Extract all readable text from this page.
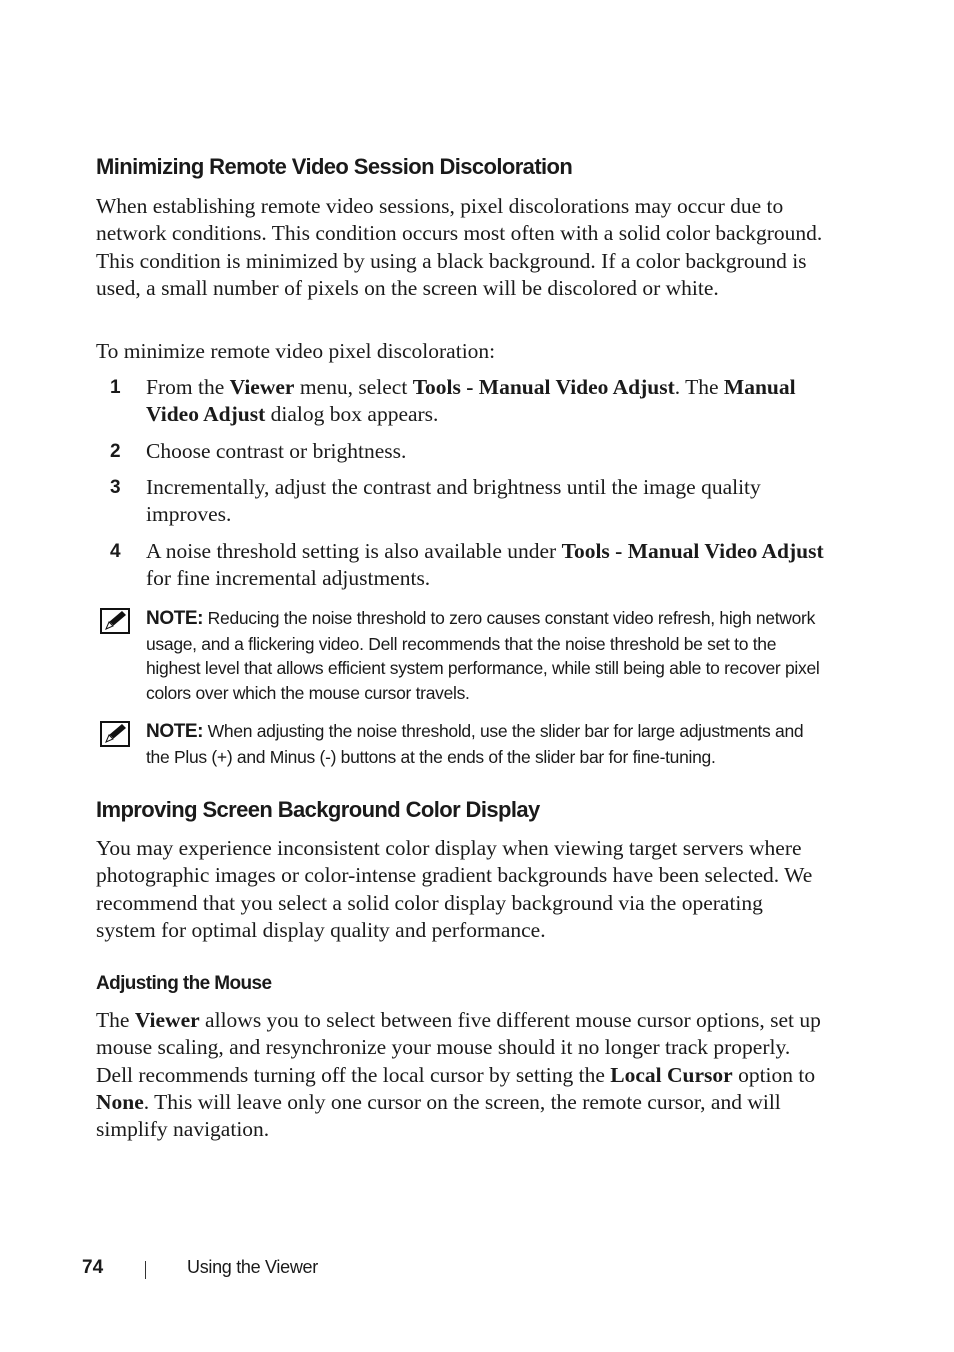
Minimizing Remote Video Session Discoloration

When establishing remote video sessions, pixel discolorations may occur due to network conditions. This condition occurs most often with a solid color background. This condition is minimized by using a black background. If a color background is used, a small number of pixels on the screen will be discolored or white.

To minimize remote video pixel discoloration:

1 From the Viewer menu, select Tools - Manual Video Adjust. The Manual Video Adjust dialog box appears.
2 Choose contrast or brightness.
3 Incrementally, adjust the contrast and brightness until the image quality improves.
4 A noise threshold setting is also available under Tools - Manual Video Adjust for fine incremental adjustments.
NOTE: Reducing the noise threshold to zero causes constant video refresh, high network usage, and a flickering video. Dell recommends that the noise threshold be set to the highest level that allows efficient system performance, while still being able to recover pixel colors over which the mouse cursor travels.
NOTE: When adjusting the noise threshold, use the slider bar for large adjustments and the Plus (+) and Minus (-) buttons at the ends of the slider bar for fine-tuning.
Improving Screen Background Color Display

You may experience inconsistent color display when viewing target servers where photographic images or color-intense gradient backgrounds have been selected. We recommend that you select a solid color display background via the operating system for optimal display quality and performance.

Adjusting the Mouse

The Viewer allows you to select between five different mouse cursor options, set up mouse scaling, and resynchronize your mouse should it no longer track properly. Dell recommends turning off the local cursor by setting the Local Cursor option to None. This will leave only one cursor on the screen, the remote cursor, and will simplify navigation.

74	Using the Viewer
